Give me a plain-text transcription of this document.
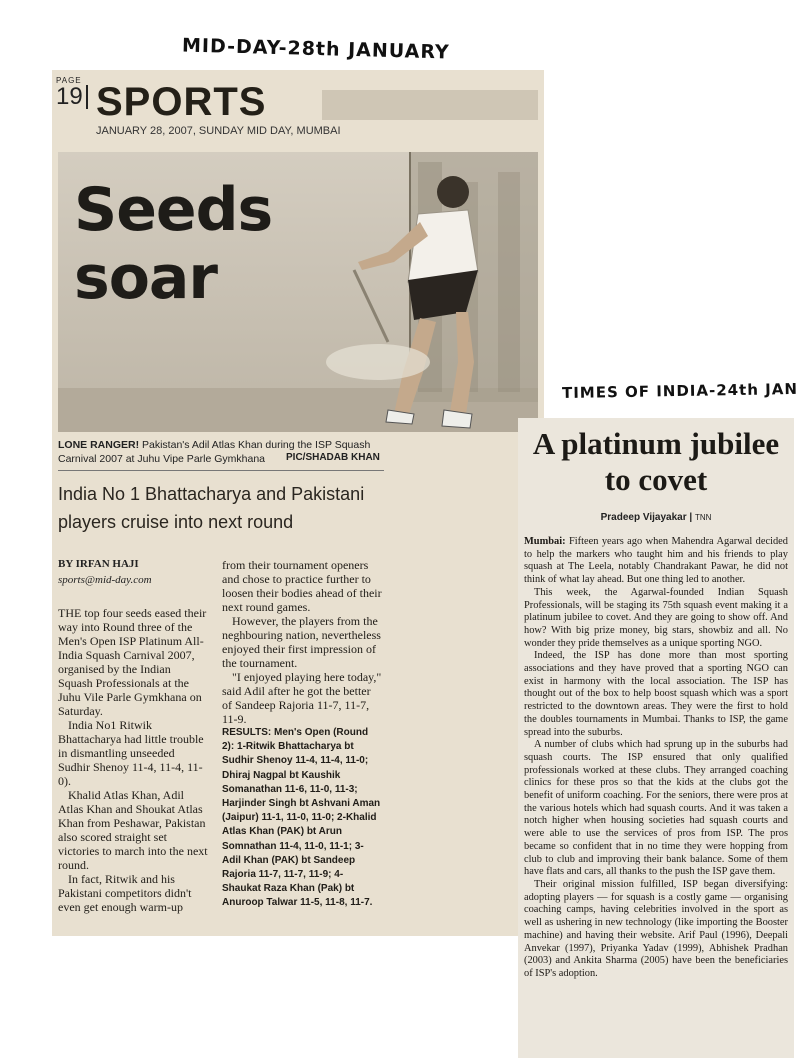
MID-DAY-28th JANUARY
TIMES OF INDIA-24th JAN
PAGE
19 SPORTS
JANUARY 28, 2007, SUNDAY MID DAY, MUMBAI
Seeds
soar
LONE RANGER! Pakistan's Adil Atlas Khan during the ISP Squash Carnival 2007 at Juhu Vipe Parle Gymkhana	PIC/SHADAB KHAN
India No 1 Bhattacharya and Pakistani players cruise into next round
BY IRFAN HAJI
sports@mid-day.com

THE top four seeds eased their way into Round three of the Men's Open ISP Platinum All-India Squash Carnival 2007, organised by the Indian Squash Professionals at the Juhu Vile Parle Gymkhana on Saturday.

India No1 Ritwik Bhattacharya had little trouble in dismantling unseeded Sudhir Shenoy 11-4, 11-4, 11-0).

Khalid Atlas Khan, Adil Atlas Khan and Shoukat Atlas Khan from Peshawar, Pakistan also scored straight set victories to march into the next round.

In fact, Ritwik and his Pakistani competitors didn't even get enough warm-up

from their tournament openers and chose to practice further to loosen their bodies ahead of their next round games.

However, the players from the neghbouring nation, nevertheless enjoyed their first impression of the tournament.

"I enjoyed playing here today," said Adil after he got the better of Sandeep Rajoria 11-7, 11-7, 11-9.

RESULTS: Men's Open (Round 2): 1-Ritwik Bhattacharya bt Sudhir Shenoy 11-4, 11-4, 11-0; Dhiraj Nagpal bt Kaushik Somanathan 11-6, 11-0, 11-3; Harjinder Singh bt Ashvani Aman (Jaipur) 11-1, 11-0, 11-0; 2-Khalid Atlas Khan (PAK) bt Arun Somnathan 11-4, 11-0, 11-1; 3- Adil Khan (PAK) bt Sandeep Rajoria 11-7, 11-7, 11-9; 4-Shaukat Raza Khan (Pak) bt Anuroop Talwar 11-5, 11-8, 11-7.
A platinum jubilee to covet
Pradeep Vijayakar | TNN

Mumbai: Fifteen years ago when Mahendra Agarwal decided to help the markers who taught him and his friends to play squash at The Leela, notably Chandrakant Pawar, he did not think of what lay ahead. But one thing led to another.

This week, the Agarwal-founded Indian Squash Professionals, will be staging its 75th squash event making it a platinum jubilee to covet. And they are going to show off. And how? With big prize money, big stars, showbiz and all. No wonder they pride themselves as a unique sporting NGO.

Indeed, the ISP has done more than most sporting associations and they have proved that a sporting NGO can exist in harmony with the local association. The ISP has thought out of the box to help boost squash which was a sport restricted to the downtown areas. They were the first to hold the doubles tournaments in Mumbai. Thanks to ISP, the game spread into the suburbs.

A number of clubs which had sprung up in the suburbs had squash courts. The ISP ensured that only qualified professionals worked at these clubs. They arranged coaching clinics for these pros so that the kids at the clubs got the benefit of uniform coaching. For the seniors, there were pros at the various hotels which had squash courts. And it was taken a notch higher when housing societies had squash courts and were able to use the services of pros from ISP. The pros became so confident that in no time they were hopping from club to club and improving their bank balance. Some of them have flats and cars, all thanks to the push the ISP gave them.

Their original mission fulfilled, ISP began diversifying: adopting players — for squash is a costly game — organising coaching camps, having celebrities involved in the sport as well as ushering in new technology (like importing the Booster machine) and having their website. Arif Paul (1996), Deepali Anvekar (1997), Priyanka Yadav (1999), Abhishek Pradhan (2003) and Ankita Sharma (2005) have been the beneficiaries of ISP's adoption.
